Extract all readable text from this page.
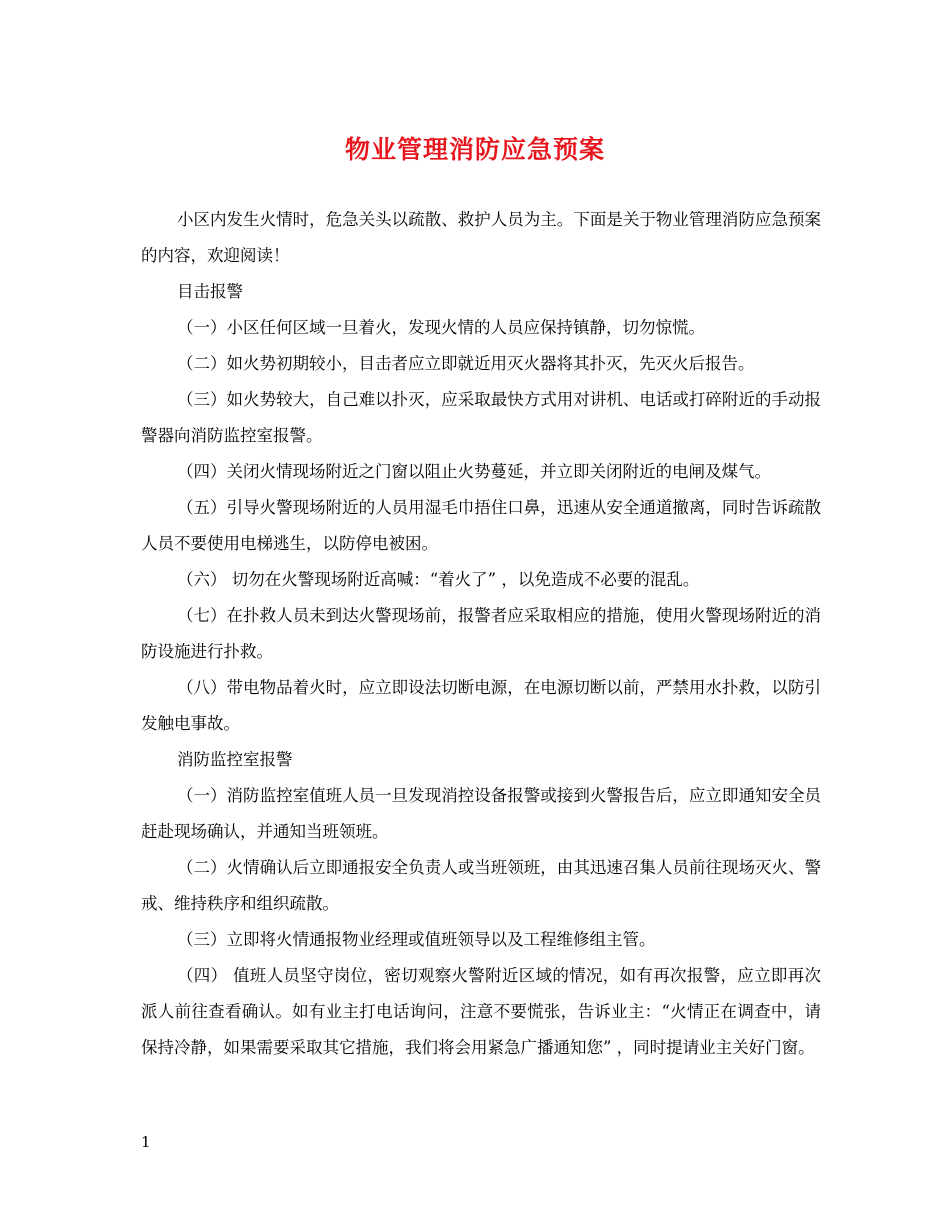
物业管理消防应急预案

小区内发生火情时，危急关头以疏散、救护人员为主。下面是关于物业管理消防应急预案的内容，欢迎阅读！

目击报警

（一）小区任何区域一旦着火，发现火情的人员应保持镇静，切勿惊慌。

（二）如火势初期较小，目击者应立即就近用灭火器将其扑灭，先灭火后报告。

（三）如火势较大，自己难以扑灭，应采取最快方式用对讲机、电话或打碎附近的手动报警器向消防监控室报警。

（四）关闭火情现场附近之门窗以阻止火势蔓延，并立即关闭附近的电闸及煤气。

（五）引导火警现场附近的人员用湿毛巾捂住口鼻，迅速从安全通道撤离，同时告诉疏散人员不要使用电梯逃生，以防停电被困。

（六） 切勿在火警现场附近高喊：“着火了” ，以免造成不必要的混乱。

（七）在扑救人员未到达火警现场前，报警者应采取相应的措施，使用火警现场附近的消防设施进行扑救。

（八）带电物品着火时，应立即设法切断电源，在电源切断以前，严禁用水扑救，以防引发触电事故。

消防监控室报警

（一）消防监控室值班人员一旦发现消控设备报警或接到火警报告后，应立即通知安全员赶赴现场确认，并通知当班领班。

（二）火情确认后立即通报安全负责人或当班领班，由其迅速召集人员前往现场灭火、警戒、维持秩序和组织疏散。

（三）立即将火情通报物业经理或值班领导以及工程维修组主管。

（四） 值班人员坚守岗位，密切观察火警附近区域的情况，如有再次报警，应立即再次派人前往查看确认。如有业主打电话询问，注意不要慌张，告诉业主：“火情正在调查中，请保持冷静，如果需要采取其它措施，我们将会用紧急广播通知您” ，同时提请业主关好门窗。

1
